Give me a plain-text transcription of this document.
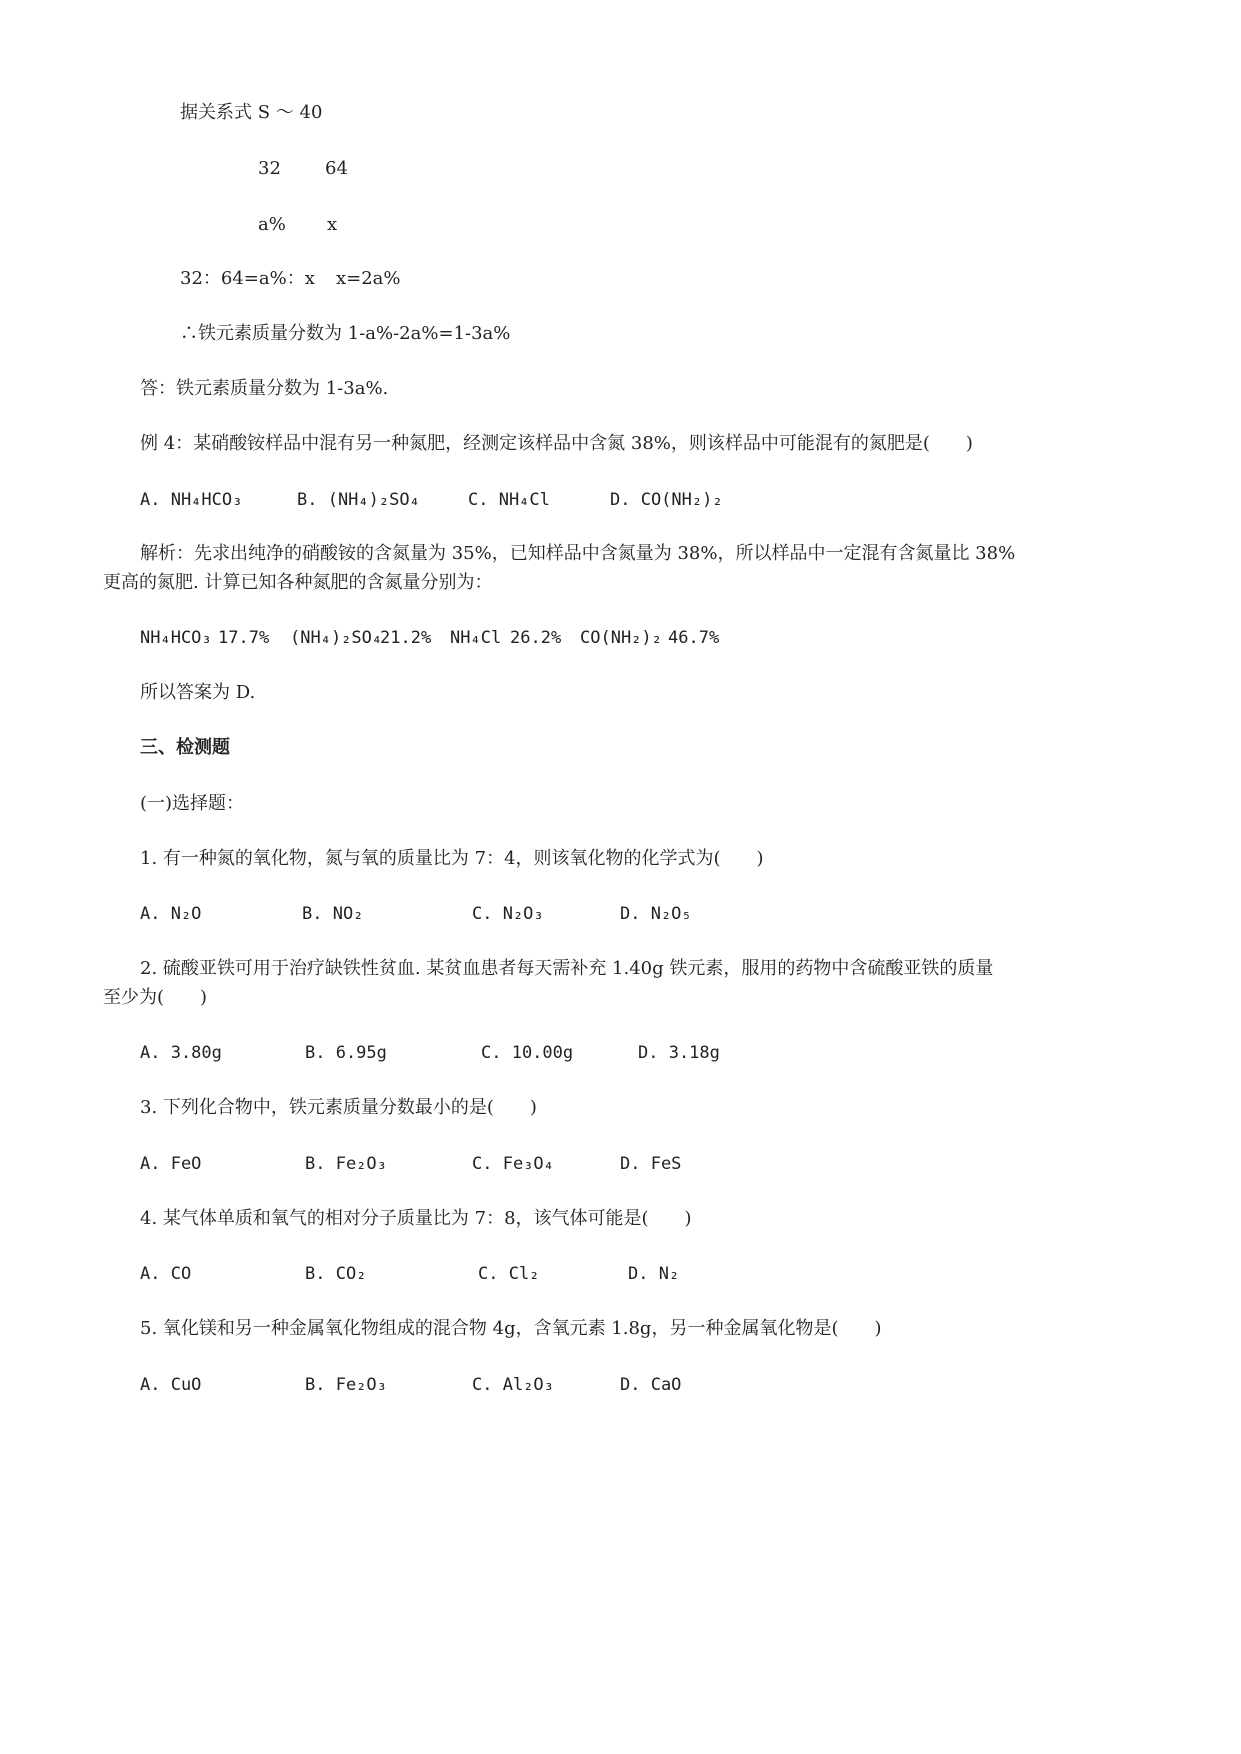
据关系式 S ～ 40
32 64
a% x
32：64=a%：x x=2a%
∴铁元素质量分数为 1-a%-2a%=1-3a%
答：铁元素质量分数为 1-3a%.
例 4：某硝酸铵样品中混有另一种氮肥，经测定该样品中含氮 38%，则该样品中可能混有的氮肥是(　　)
A. NH₄HCO₃	B. (NH₄)₂SO₄	C. NH₄Cl	D. CO(NH₂)₂
解析：先求出纯净的硝酸铵的含氮量为 35%，已知样品中含氮量为 38%，所以样品中一定混有含氮量比 38%
更高的氮肥. 计算已知各种氮肥的含氮量分别为：
NH₄HCO₃ 17.7% (NH₄)₂SO₄
21.2% NH₄Cl 26.2% CO(NH₂)₂ 46.7%
所以答案为 D.
三、检测题
(一)选择题：
1. 有一种氮的氧化物，氮与氧的质量比为 7：4，则该氧化物的化学式为(　　)
A. N₂O	B. NO₂	C. N₂O₃	D. N₂O₅
2. 硫酸亚铁可用于治疗缺铁性贫血. 某贫血患者每天需补充 1.40g 铁元素，服用的药物中含硫酸亚铁的质量
至少为(　　)
A. 3.80g	B. 6.95g	C. 10.00g	D. 3.18g
3. 下列化合物中，铁元素质量分数最小的是(　　)
A. FeO	B. Fe₂O₃	C. Fe₃O₄	D. FeS
4. 某气体单质和氧气的相对分子质量比为 7：8，该气体可能是(　　)
A. CO	B. CO₂	C. Cl₂	D. N₂
5. 氧化镁和另一种金属氧化物组成的混合物 4g，含氧元素 1.8g，另一种金属氧化物是(　　)
A. CuO	B. Fe₂O₃	C. Al₂O₃	D. CaO
